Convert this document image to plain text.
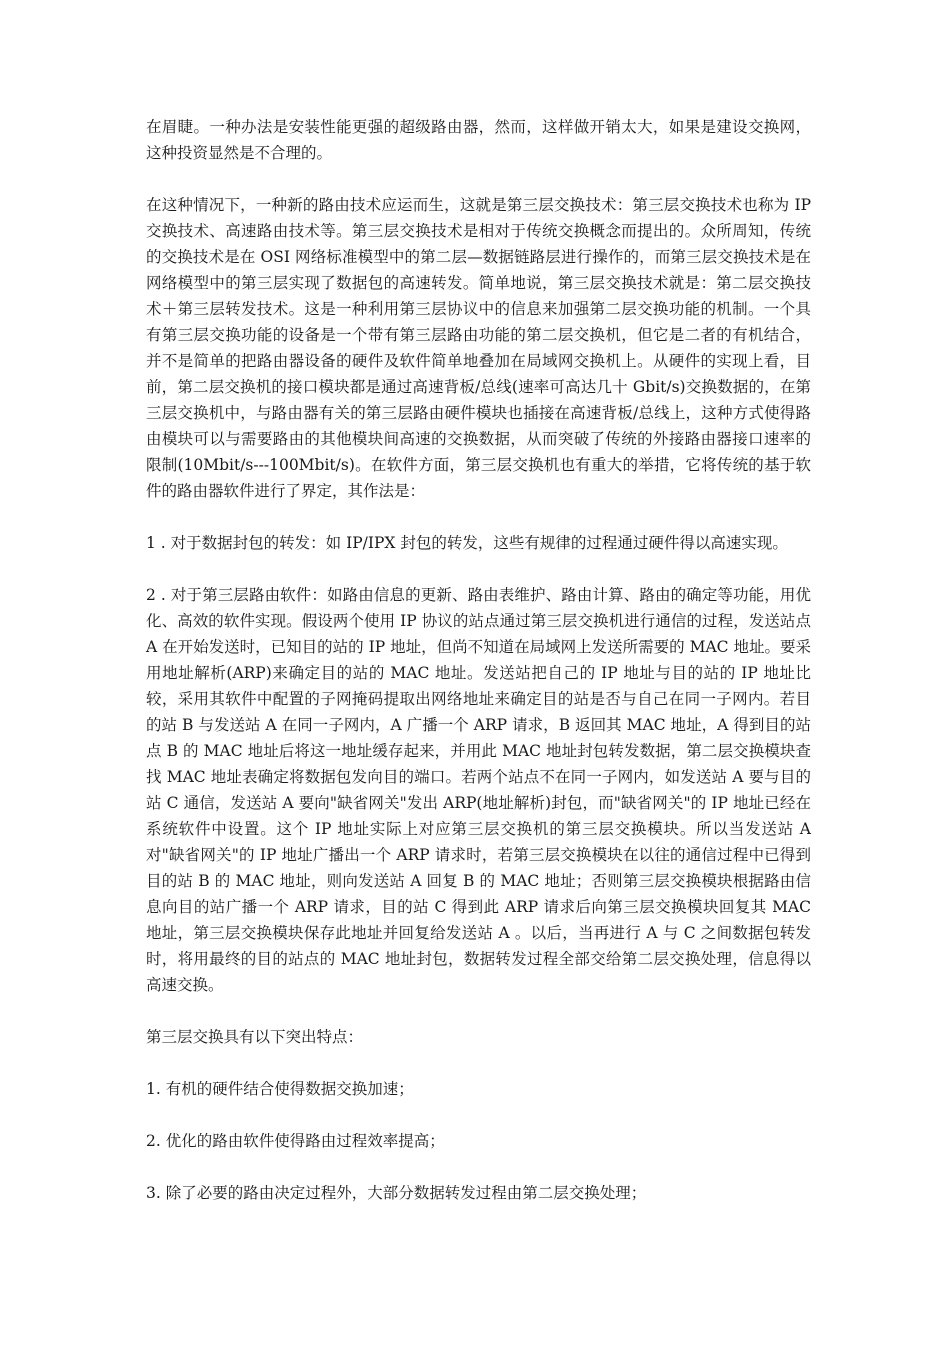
在眉睫。一种办法是安装性能更强的超级路由器，然而，这样做开销太大，如果是建设交换网，这种投资显然是不合理的。

在这种情况下，一种新的路由技术应运而生，这就是第三层交换技术：第三层交换技术也称为 IP 交换技术、高速路由技术等。第三层交换技术是相对于传统交换概念而提出的。众所周知，传统的交换技术是在 OSI 网络标准模型中的第二层—数据链路层进行操作的，而第三层交换技术是在网络模型中的第三层实现了数据包的高速转发。简单地说，第三层交换技术就是：第二层交换技术＋第三层转发技术。这是一种利用第三层协议中的信息来加强第二层交换功能的机制。一个具有第三层交换功能的设备是一个带有第三层路由功能的第二层交换机，但它是二者的有机结合，并不是简单的把路由器设备的硬件及软件简单地叠加在局域网交换机上。从硬件的实现上看，目前，第二层交换机的接口模块都是通过高速背板/总线(速率可高达几十 Gbit/s)交换数据的，在第三层交换机中，与路由器有关的第三层路由硬件模块也插接在高速背板/总线上，这种方式使得路由模块可以与需要路由的其他模块间高速的交换数据，从而突破了传统的外接路由器接口速率的限制(10Mbit/s---100Mbit/s)。在软件方面，第三层交换机也有重大的举措，它将传统的基于软件的路由器软件进行了界定，其作法是：

1 . 对于数据封包的转发：如 IP/IPX 封包的转发，这些有规律的过程通过硬件得以高速实现。

2 . 对于第三层路由软件：如路由信息的更新、路由表维护、路由计算、路由的确定等功能，用优化、高效的软件实现。假设两个使用 IP 协议的站点通过第三层交换机进行通信的过程，发送站点 A 在开始发送时，已知目的站的 IP 地址，但尚不知道在局域网上发送所需要的 MAC 地址。要采用地址解析(ARP)来确定目的站的 MAC 地址。发送站把自己的 IP 地址与目的站的 IP 地址比较，采用其软件中配置的子网掩码提取出网络地址来确定目的站是否与自己在同一子网内。若目的站 B 与发送站 A 在同一子网内，A 广播一个 ARP 请求，B 返回其 MAC 地址，A 得到目的站点 B 的 MAC 地址后将这一地址缓存起来，并用此 MAC 地址封包转发数据，第二层交换模块查找 MAC 地址表确定将数据包发向目的端口。若两个站点不在同一子网内，如发送站 A 要与目的站 C 通信，发送站 A 要向"缺省网关"发出 ARP(地址解析)封包，而"缺省网关"的 IP 地址已经在系统软件中设置。这个 IP 地址实际上对应第三层交换机的第三层交换模块。所以当发送站 A 对"缺省网关"的 IP 地址广播出一个 ARP 请求时，若第三层交换模块在以往的通信过程中已得到目的站 B 的 MAC 地址，则向发送站 A 回复 B 的 MAC 地址；否则第三层交换模块根据路由信息向目的站广播一个 ARP 请求，目的站 C 得到此 ARP 请求后向第三层交换模块回复其 MAC 地址，第三层交换模块保存此地址并回复给发送站 A 。以后，当再进行 A 与 C 之间数据包转发时，将用最终的目的站点的 MAC 地址封包，数据转发过程全部交给第二层交换处理，信息得以高速交换。

第三层交换具有以下突出特点：

1. 有机的硬件结合使得数据交换加速；

2. 优化的路由软件使得路由过程效率提高；

3. 除了必要的路由决定过程外，大部分数据转发过程由第二层交换处理；
